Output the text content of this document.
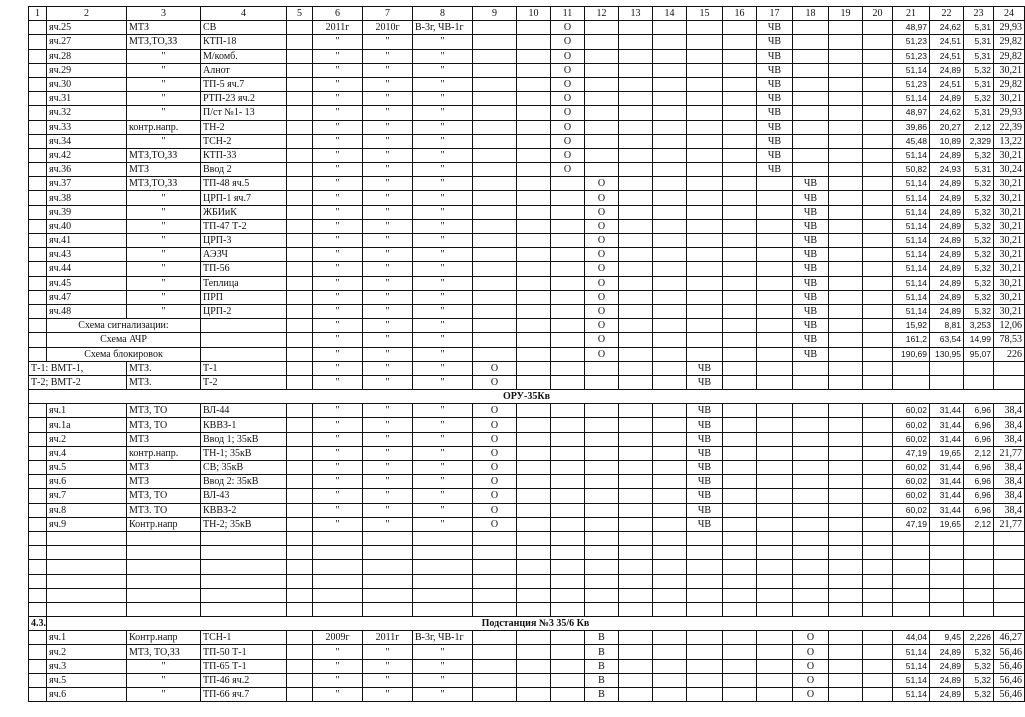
1	2	3	4	5	6	7	8	9	10	11	12	13	14	15	16	17	18	19	20	21	22	23	24
	яч.25	МТЗ	СВ		2011г	2010г	В-3г, ЧВ-1г			О						ЧВ				48,97	24,62	5,31	29,93
	яч.27	МТЗ,ТО,ЗЗ	КТП-18		"	"	"			О						ЧВ				51,23	24,51	5,31	29,82
	яч.28	"	М/комб.		"	"	"			О						ЧВ				51,23	24,51	5,31	29,82
	яч.29	"	Алнот		"	"	"			О						ЧВ				51,14	24,89	5,32	30,21
	яч.30	"	ТП-5 яч.7		"	"	"			О						ЧВ				51,23	24,51	5,31	29,82
	яч.31	"	РТП-23 яч.2		"	"	"			О						ЧВ				51,14	24,89	5,32	30,21
	яч.32	"	П/ст №1- 13		"	"	"			О						ЧВ				48,97	24,62	5,31	29,93
	яч.33	контр.напр.	ТН-2		"	"	"			О						ЧВ				39,86	20,27	2,12	22,39
	яч.34	"	ТСН-2		"	"	"			О						ЧВ				45,48	10,89	2,329	13,22
	яч.42	МТЗ,ТО,ЗЗ	КТП-33		"	"	"			О						ЧВ				51,14	24,89	5,32	30,21
	яч.36	МТЗ	Ввод 2		"	"	"			О						ЧВ				50,82	24,93	5,31	30,24
	яч.37	МТЗ,ТО,ЗЗ	ТП-48 яч.5		"	"	"				О						ЧВ			51,14	24,89	5,32	30,21
	яч.38	"	ЦРП-1 яч.7		"	"	"				О						ЧВ			51,14	24,89	5,32	30,21
	яч.39	"	ЖБИиК		"	"	"				О						ЧВ			51,14	24,89	5,32	30,21
	яч.40	"	ТП-47 Т-2		"	"	"				О						ЧВ			51,14	24,89	5,32	30,21
	яч.41	"	ЦРП-3		"	"	"				О						ЧВ			51,14	24,89	5,32	30,21
	яч.43	"	АЭЗЧ		"	"	"				О						ЧВ			51,14	24,89	5,32	30,21
	яч.44	"	ТП-56		"	"	"				О						ЧВ			51,14	24,89	5,32	30,21
	яч.45	"	Теплица		"	"	"				О						ЧВ			51,14	24,89	5,32	30,21
	яч.47	"	ПРП		"	"	"				О						ЧВ			51,14	24,89	5,32	30,21
	яч.48	"	ЦРП-2		"	"	"				О						ЧВ			51,14	24,89	5,32	30,21
	Схема сигнализации:				"	"	"				О						ЧВ			15,92	8,81	3,253	12,06
	Схема АЧР				"	"	"				О						ЧВ			161,2	63,54	14,99	78,53
	Схема блокировок				"	"	"				О						ЧВ			190,69	130,95	95,07	226
Т-1: ВМТ-1,		МТЗ.	Т-1		"	"	"	О						ЧВ									
Т-2; ВМТ-2		МТЗ.	Т-2		"	"	"	О						ЧВ									
ОРУ-35Кв																							
	яч.1	МТЗ, ТО	ВЛ-44		"	"	"	О						ЧВ						60,02	31,44	6,96	38,4
	яч.1а	МТЗ, ТО	КВВЗ-1		"	"	"	О						ЧВ						60,02	31,44	6,96	38,4
	яч.2	МТЗ	Ввод 1; 35кВ		"	"	"	О						ЧВ						60,02	31,44	6,96	38,4
	яч.4	контр.напр.	ТН-1; 35кВ		"	"	"	О						ЧВ						47,19	19,65	2,12	21,77
	яч.5	МТЗ	СВ; 35кВ		"	"	"	О						ЧВ						60,02	31,44	6,96	38,4
	яч.6	МТЗ	Ввод 2: 35кВ		"	"	"	О						ЧВ						60,02	31,44	6,96	38,4
	яч.7	МТЗ, ТО	ВЛ-43		"	"	"	О						ЧВ						60,02	31,44	6,96	38,4
	яч.8	МТЗ. ТО	КВВЗ-2		"	"	"	О						ЧВ						60,02	31,44	6,96	38,4
	яч.9	Контр.напр	ТН-2; 35кВ		"	"	"	О						ЧВ						47,19	19,65	2,12	21,77

4.3.	Подстанция №3 35/6 Кв																						
	яч.1	Контр.напр	ТСН-1		2009г	2011г	В-3г, ЧВ-1г				В						О			44,04	9,45	2,226	46,27
	яч.2	МТЗ, ТО,ЗЗ	ТП-50 Т-1		"	"	"				В						О			51,14	24,89	5,32	56,46
	яч.3	"	ТП-65 Т-1		"	"	"				В						О			51,14	24,89	5,32	56,46
	яч.5	"	ТП-46 яч.2		"	"	"				В						О			51,14	24,89	5,32	56,46
	яч.6	"	ТП-66 яч.7		"	"	"				В						О			51,14	24,89	5,32	56,46
